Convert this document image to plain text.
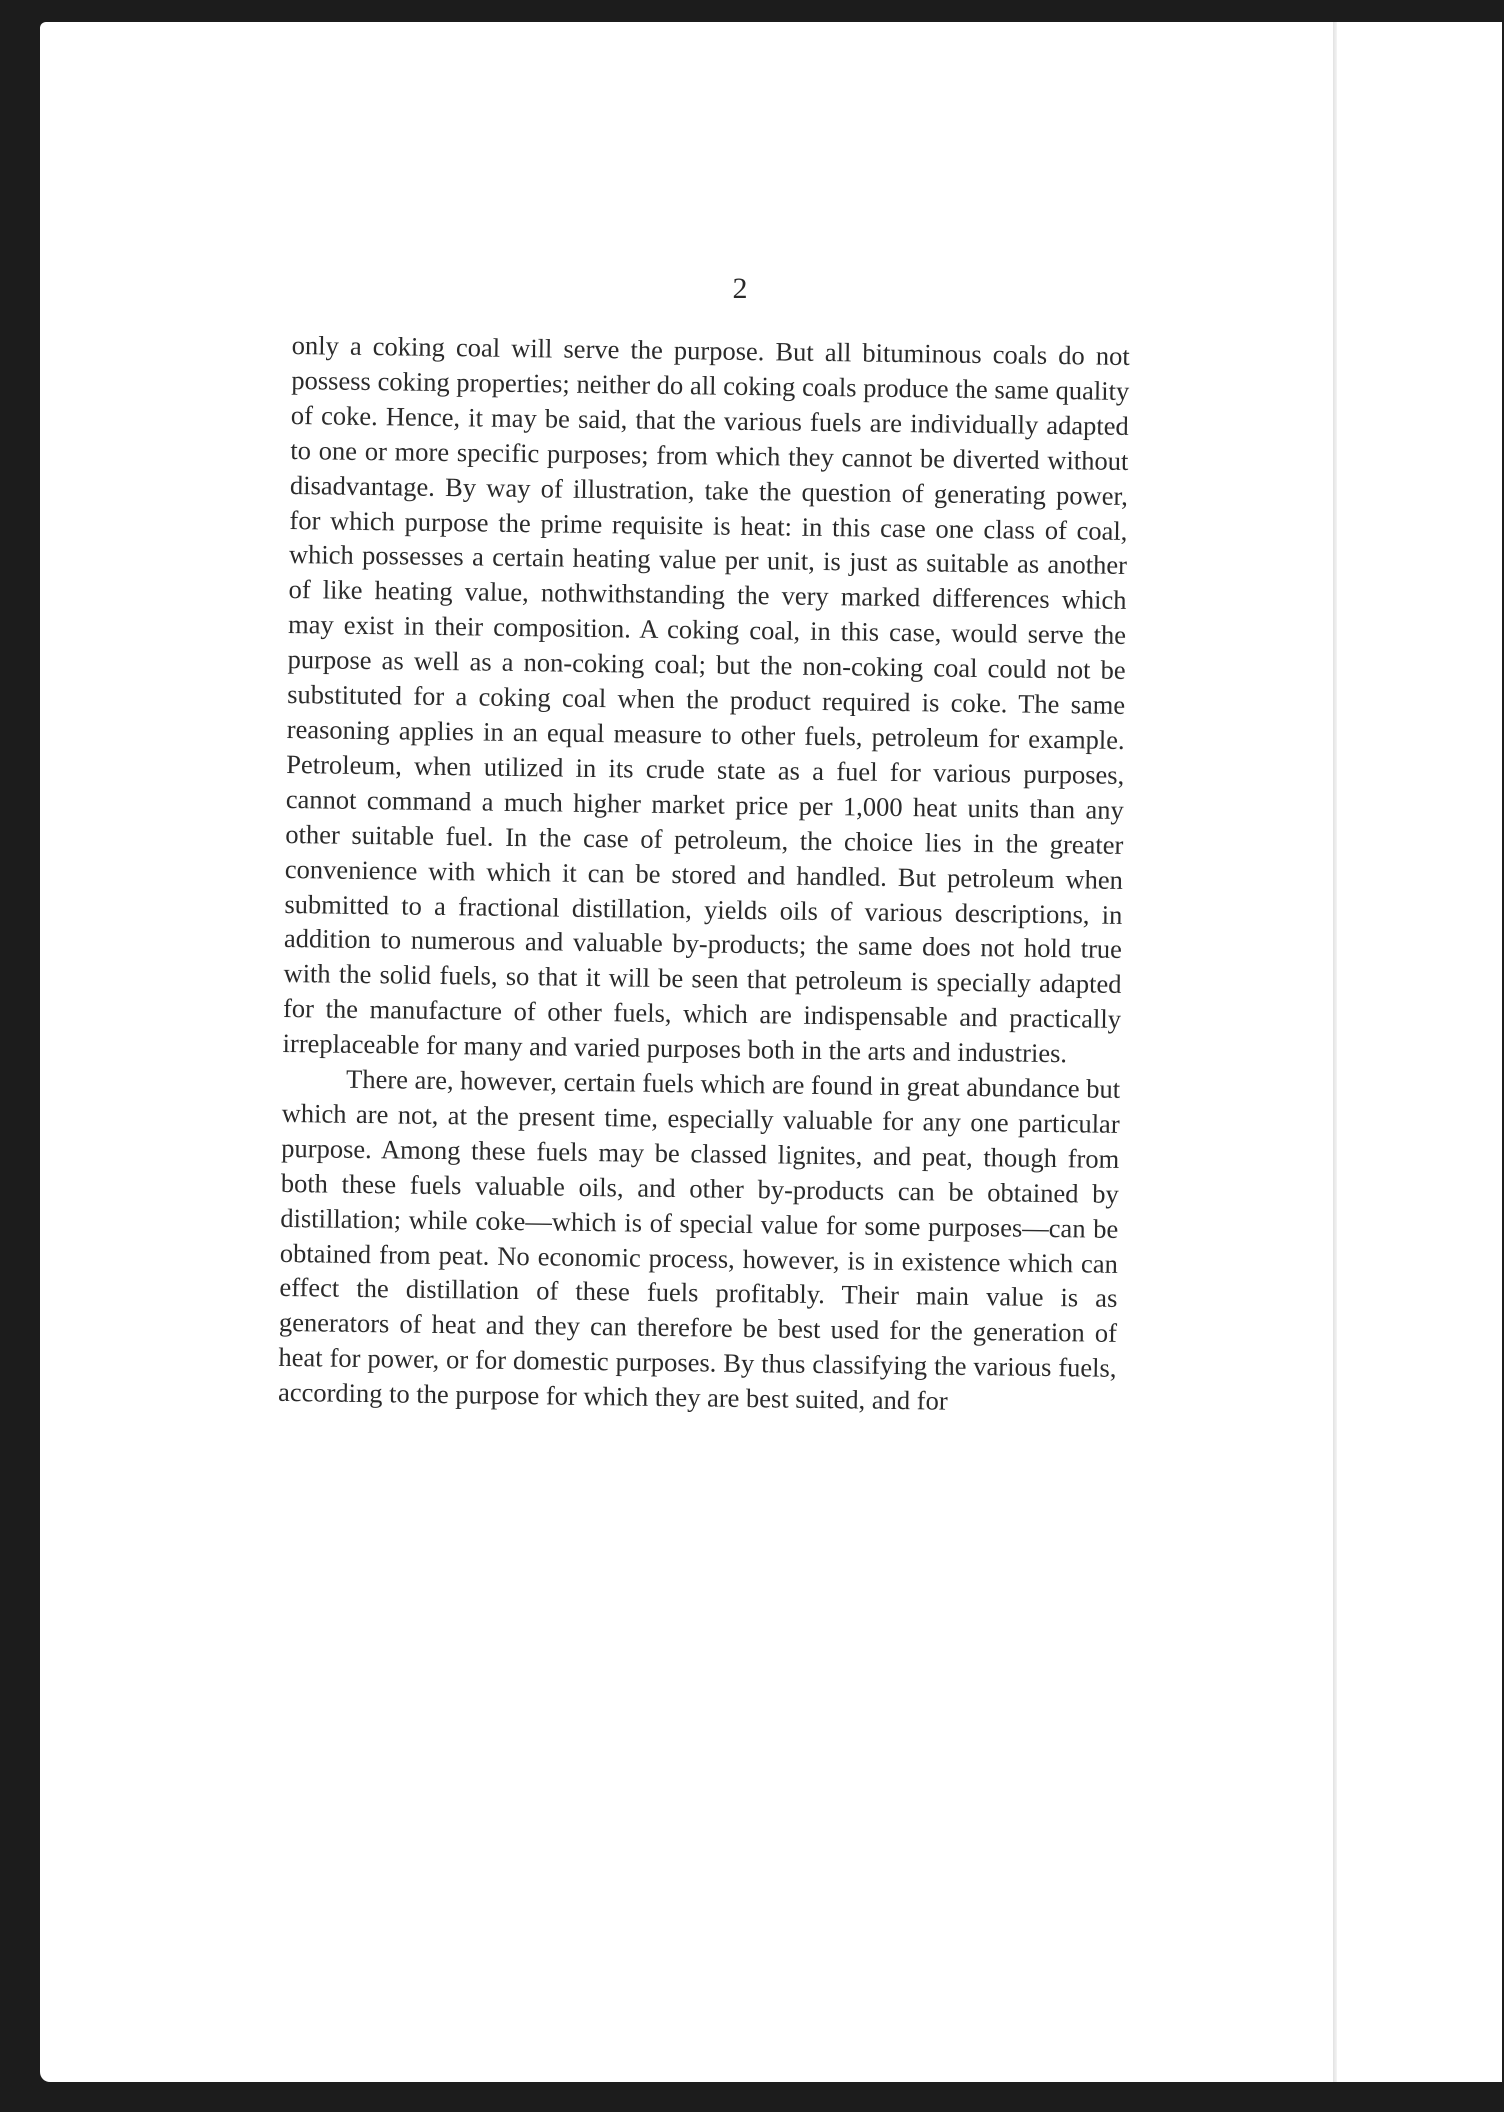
2

only a coking coal will serve the purpose. But all bituminous coals do not possess coking properties; neither do all coking coals produce the same quality of coke. Hence, it may be said, that the various fuels are individually adapted to one or more specific purposes; from which they cannot be diverted without disadvantage. By way of illustration, take the question of generating power, for which purpose the prime requisite is heat: in this case one class of coal, which possesses a certain heating value per unit, is just as suitable as another of like heating value, nothwithstanding the very marked differences which may exist in their composition. A coking coal, in this case, would serve the purpose as well as a non-coking coal; but the non-coking coal could not be substituted for a coking coal when the product required is coke. The same reasoning applies in an equal measure to other fuels, petroleum for example. Petroleum, when utilized in its crude state as a fuel for various purposes, cannot command a much higher market price per 1,000 heat units than any other suitable fuel. In the case of petroleum, the choice lies in the greater convenience with which it can be stored and handled. But petroleum when submitted to a fractional distillation, yields oils of various descriptions, in addition to numerous and valuable by-products; the same does not hold true with the solid fuels, so that it will be seen that petroleum is specially adapted for the manufacture of other fuels, which are indispensable and practically irreplaceable for many and varied purposes both in the arts and industries.

There are, however, certain fuels which are found in great abundance but which are not, at the present time, especially valuable for any one particular purpose. Among these fuels may be classed lignites, and peat, though from both these fuels valuable oils, and other by-products can be obtained by distillation; while coke—which is of special value for some purposes—can be obtained from peat. No economic process, however, is in existence which can effect the distillation of these fuels profitably. Their main value is as generators of heat and they can therefore be best used for the generation of heat for power, or for domestic purposes. By thus classifying the various fuels, according to the purpose for which they are best suited, and for
